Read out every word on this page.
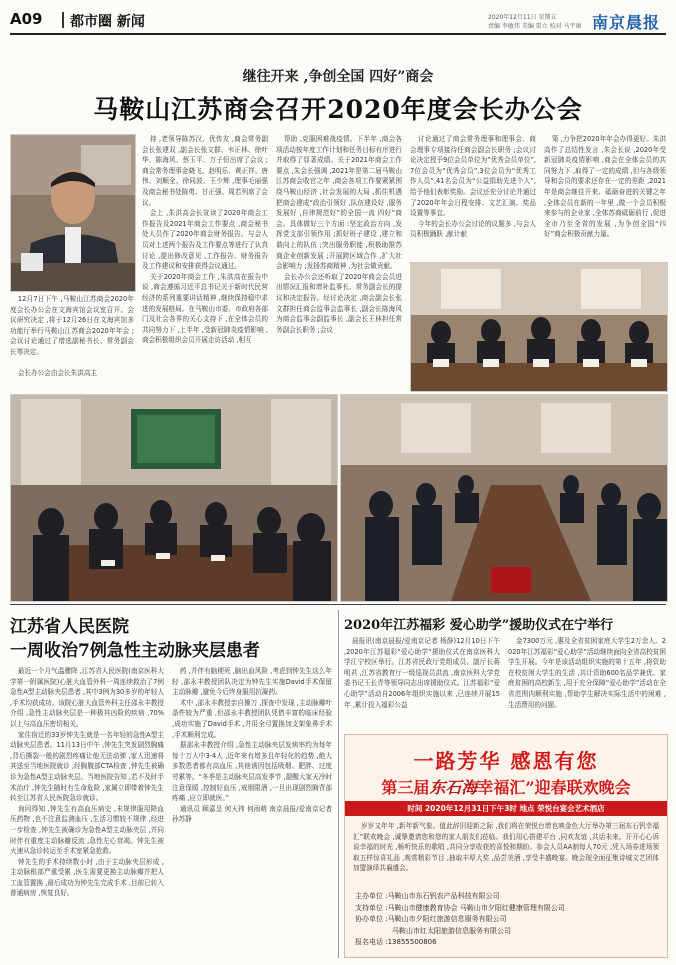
A09 都市圈 新闻	2020年12月11日 星期五
责编 李敏伟 美编 雷立 校对 马宇康 南京晨报
继往开来 ,争创全国 四好”商会
马鞍山江苏商会召开2020年度会长办公会
12月7日下午 ,马鞍山江苏商会2020年度会长办公会在文海宾馆会议室召开。会议研究决定 ,将于12月26日在文海宾馆多功能厅举行马鞍山江苏商会2020年年会 ;会议讨论通过了增选副秘书长、常务副会长等决定。
会长办公会由会长朱洪高主

持 ,老领导陈苏汉、优传友 ,商会常务副会长张建双 ,副会长张文群、韦正林、徐叶华、陈海风、蔡玉平、万子恒出席了会议 ;商会常务理事金晓飞、赵明乐、黄正祥、唐伟、刘顺全、徐同波、王少辉 ,理事毛丽强及商会秘书处陈勇、甘正强、周若列席了会议。

会上 ,朱洪高会长宣读了2020年商会工作报告及2021年商会工作要点 ,商会秘书处人员作了2020年商会财务报告。与会人员对上述两个报告及工作要点等进行了认真讨论 ,提出修改意见 ,工作报告、财务报告及工作建议和安排获得会议通过。

关于2020年商会工作 ,朱洪高在报告中说 ,商会遵循习近平总书记关于新时代民营经济的系列重要讲话精神 ,继续保持稳中求进的发展格局。在马鞍山市委、市政府各部门及社会各界的关心支持下 ,在全体会员的共同努力下 ,上半年 ,受新冠肺炎疫情影响 ,商会积极组织会员开展走访活动 ,相互

帮助 ,克服困难战疫情。下半年 ,商会各项活动按年度工作计划和任务目标有序进行并取得了显著成绩。关于2021年商会工作要点 ,朱会长强调 ,2021年是第二届马鞍山江苏商会收官之年 ,商会各项工作要紧紧围绕马鞍山经济 ,社会发展的大局 ,抓住机遇把商会建成“政治引领好 ,队伍建设好 ,服务发展好 ,自律规范好”的全国一流 四好”商会。具体做好三个方面 :坚定政治方向 ,发挥党支部引领作用 ;抓好班子建设 ,建立和谐向上的队伍 ;突出服务职能 ,积极助推苏商企业创新发展 ;开展跨区域合作 ,扩大社会影响力 ;发扬苏商精神 ,为社会做贡献。

会长办公会还听取了2020年商会会员进出情况汇报和增补监事长、常务副会长的提议和决定报告。经讨论决定 ,商会副会长张文群担任商会监事会监事长 ,副会长陈海风为商会监事会副监事长 ,副会长王林担任常务副会长职务 ;会议

讨论通过了商会常务理事和理事会、商会理事专项接待任商会副会长职务 ;会议讨论决定授予9位会员单位为“优秀会员单位”,7位会员为“优秀会员”,3位会员为“优秀工作人员”,41名会员为“公益捐助先进个人”,给予他们表彰奖励。会议还充分讨论并通过了2020年年会日程安排、文艺汇演、奖品设置等事宜。

今年的会长办公会讨论的议题多 ,与会人员积极踊跃 ,献计献

策 ,力争把2020年年会办得更好。朱洪高作了总结性发言 ,朱会长说 ,2020年受新冠肺炎疫情影响 ,商会在全体会员的共同努力下 ,取得了一定的成绩 ,但与各级领导和会员的要求还存在一定的差距 ,2021年是商会继往开来、砥砺奋进的关键之年 ,全体会员在新的一年里 ,做一个会员积极来参与的企业家 ,全体苏商砥砺前行 ,促进全市乃至全省的发展 ,为争创全国“四好”商会积极贡献力量。

江苏省人民医院
一周收治7例急性主动脉夹层患者

最近一个月气温骤降 ,江苏省人民医院(南京医科大学第一附属医院)心脏大血管外科一周连续救治了7例急性A型主动脉夹层患者 ,其中3例为30多岁的年轻人 ,手术均获成功。该院心脏大血管外科主任邵永丰教授介绍 ,急性主动脉夹层是一种极其凶险的疾病 ,70%以上与高血压密切相关。

家住宿迁的33岁钟先生就是一名年轻的急性A型主动脉夹层患者。11月13日中午 ,钟先生突发剧烈胸痛 ,背后撕裂一般的剧烈疼痛让他无法动弹 ,家人迅速将其送至当地医院就诊 ,经胸腹部CTA检查 ,钟先生被确诊为急性A型主动脉夹层。当地医院告知 ,若不及时手术治疗 ,钟先生随时有生命危险 ,家属立即带着钟先生转至江苏省人民医院急诊就诊。

询问得知 ,钟先生有高血压病史 ,未规律服用降血压药物 ,也不注意监测血压 ,生活习惯较不规律 ,经进一步检查 ,钟先生被确诊为急性A型主动脉夹层 ,并同时伴有重度主动脉瓣反流 ,急性左心衰竭。钟先生被火速从急诊转运至手术室紧急抢救。

钟先生的手术持续数小时 ,由于主动脉夹层形成 ,主动脉根部严重受累 ,医生需要更换主动脉瓣并把人工血管置换 ,最后成功为钟先生完成手术 ,目前已转入普通病房 ,恢复良好。

药 ,并伴有脑梗死 ,脑出血风险 ,考虑到钟先生这么年轻 ,邵永丰教授团队决定为钟先生实施David手术保留主动脉瓣 ,避免今后终身服用抗凝药。

术中 ,邵永丰教授亲自操刀 ,探查中发现 ,主动脉瓣叶条件较为严重 ,但邵永丰教授团队凭借丰富的临床经验 ,成功实施了David手术 ,并用全弓置换加支架象鼻手术 ,手术顺利完成。

据邵永丰教授介绍 ,急性主动脉夹层发病率约为每年每十万人中3-4人 ,近年来有增多且年轻化的趋势 ,绝大多数患者都有高血压 ,其他诱因包括吸烟、肥胖、过度劳累等。“冬季是主动脉夹层高发季节 ,提醒大家天冷时注意保暖 ,控制好血压 ,戒烟限酒 ,一旦出现剧烈胸背部疼痛 ,应立即就医。”

通讯员 顾嘉呈 何天祎 何雨萌 南京晨报/爱南京记者 孙苏静

2020年江苏福彩 爱心助学”援助仪式在宁举行

晨报讯(南京晨报/爱南京记者 杨静)12月10日下午 ,2020年江苏福彩“爱心助学”援助仪式在南京医科大学江宁校区举行。江苏省民政厅党组成员、副厅长蒋明君 ,江苏省教育厅一级巡视员洪流 ,南京医科大学党委书记王长青等领导同志出席援助仪式。江苏福彩“爱心助学”活动自2006年组织实施以来 ,已连续开展15年 ,累计投入福彩公益

金7300万元 ,惠及全省贫困家庭大学生2万余人。2020年江苏福彩“爱心助学”活动继续面向全省高校贫困学生开展。今年是该活动组织实施的第十五年 ,将资助在校贫困大学生的生活 ,共计资助600名品学兼优、家庭贫困的高校新生 ,用于充分保障“爱心助学”活动在全省范围内顺利实施 ,帮助学生解决实际生活中的困难 ,生活费用的问题。

一路芳华 感恩有您
第三届东石海幸福汇”迎春联欢晚会
时间 2020年12月31日下午3时 地点 荣悦台宴会艺术酒店
岁岁又年年 ,新年新气象。值此辞旧迎新之际 ,我们将在荣悦台增也映金色大厅举办第三届东石钒幸福汇”联欢晚会 ,诚挚邀请您和您的家人朋友们莅临。我们用心搭建平台 ,同欢友谊 ,共话未来。开开心心诉说幸福的时光 ,畅听快乐的歌唱 ,共同分享收获的喜悦和期盼。参会人员AA制每人70元 ,凭入场券进场领取五样惊喜礼品 ,观赏精彩节目 ,抽取丰厚大奖 ,品尝美酒 ,享受丰盛晚宴。晚会现全面征集诗城文艺团体加盟演绎共襄盛会。
主办单位 :马鞍山市东石钒农产品科技有限公司
支持单位 :马鞍山市健康教育协会 马鞍山市夕阳红健康管理有限公司
协办单位 :马鞍山市夕阳红旅游信息服务有限公司
马鞍山市红太阳旅游信息服务有限公司
报名电话 :13855500806
